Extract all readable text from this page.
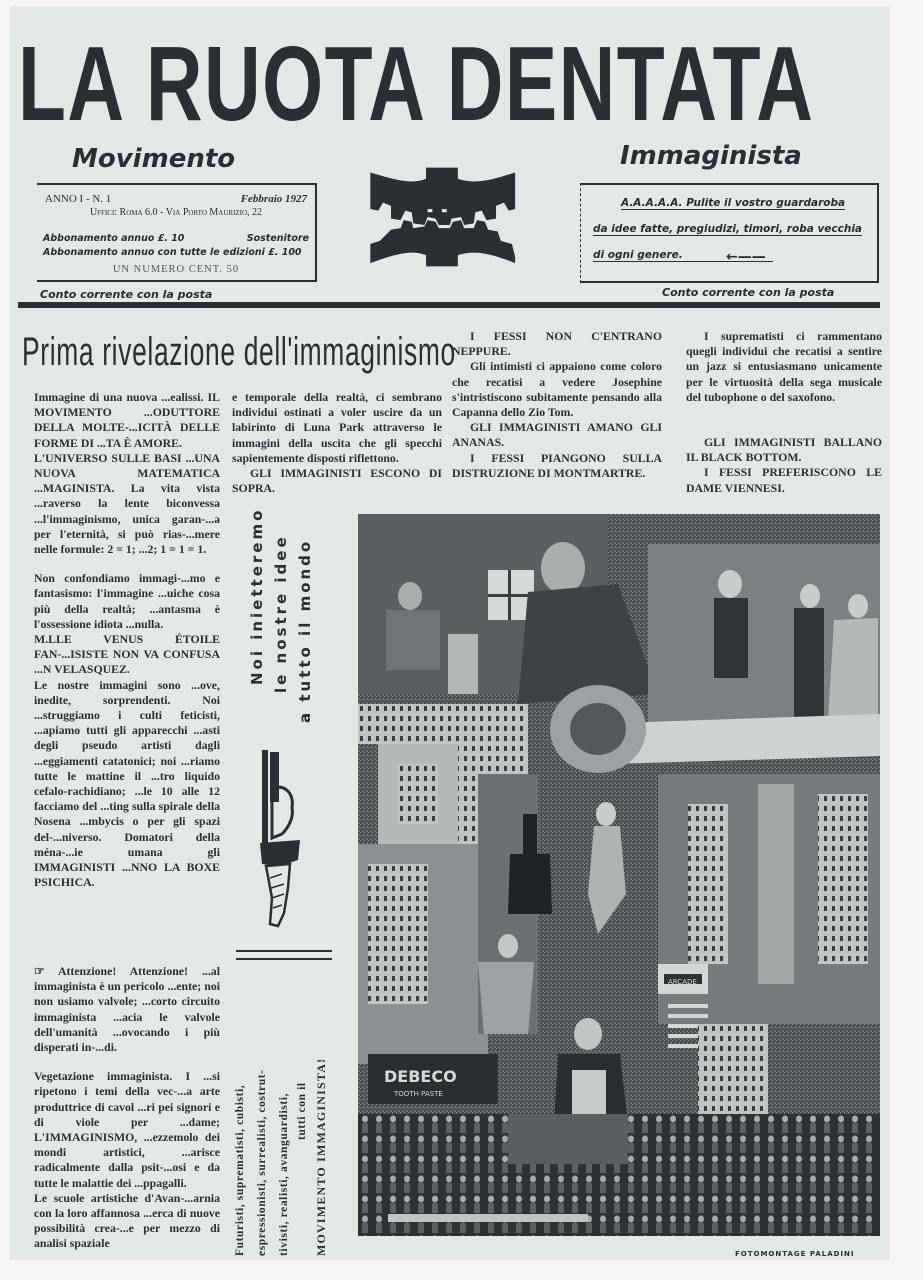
LA RUOTA DENTATA
Movimento	Immaginista
ANNO I - N. 1	Febbraio 1927
Uffici: Roma 6.0 - Via Porto Maurizio, 22
Abbonamento annuo £. 10	Sostenitore
Abbonamento annuo con tutte le edizioni £. 100
UN NUMERO CENT. 50
A.A.A.A.A. Pulite il vostro guardaroba
da idee fatte, pregiudizi, timori, roba vecchia
di ogni genere.	←——
Conto corrente con la posta	Conto corrente con la posta
Prima rivelazione dell'immaginismo

Immagine di una nuova ...ealissi. IL MOVIMENTO ...ODUTTORE DELLA MOLTE-...ICITÀ DELLE FORME DI ...TA È AMORE.

L'UNIVERSO SULLE BASI ...UNA NUOVA MATEMATICA ...MAGINISTA. La vita vista ...raverso la lente biconvessa ...l'immaginismo, unica garan-...a per l'eternità, si può rias-...mere nelle formule: 2 = 1; ...2; 1 = 1 = 1.

Non confondiamo immagi-...mo e fantasismo: l'immagine ...uiche cosa più della realtà; ...antasma è l'ossessione idiota ...nulla.

M.LLE VENUS ÉTOILE FAN-...ISISTE NON VA CONFUSA ...N VELASQUEZ.

Le nostre immagini sono ...ove, inedite, sorprendenti. Noi ...struggiamo i culti feticisti, ...apiamo tutti gli apparecchi ...asti degli pseudo artisti dagli ...eggiamenti catatonici; noi ...riamo tutte le mattine il ...tro liquido cefalo-rachidiano; ...le 10 alle 12 facciamo del ...ting sulla spirale della Nosena ...mbycis o per gli spazi del-...niverso. Domatori della ména-...ie umana gli IMMAGINISTI ...NNO LA BOXE PSICHICA.

☞ Attenzione! Attenzione! ...al immaginista è un pericolo ...ente; noi non usiamo valvole; ...corto circuito immaginista ...acia le valvole dell'umanità ...ovocando i più disperati in-...di.

Vegetazione immaginista. I ...si ripetono i temi della vec-...a arte produttrice di cavol ...ri pei signori e di viole per ...dame; L'IMMAGINISMO, ...ezzemolo dei mondi artistici, ...arisce radicalmente dalla psit-...osi e da tutte le malattie dei ...ppagalli.

Le scuole artistiche d'Avan-...arnia con la loro affannosa ...erca di nuove possibilità crea-...e per mezzo di analisi spaziale

e temporale della realtà, ci sembrano individui ostinati a voler uscire da un labirinto di Luna Park attraverso le immagini della uscita che gli specchi sapientemente disposti riflettono.

GLI IMMAGINISTI ESCONO DI SOPRA.

I FESSI NON C'ENTRANO NEPPURE.

Gli intimisti ci appaiono come coloro che recatisi a vedere Josephine s'intristiscono subitamente pensando alla Capanna dello Zio Tom.

GLI IMMAGINISTI AMANO GLI ANANAS.

I FESSI PIANGONO SULLA DISTRUZIONE DI MONTMARTRE.

I suprematisti ci rammentano quegli individui che recatisi a sentire un jazz si entusiasmano unicamente per le virtuosità della sega musicale del tubophone o del saxofono.

GLI IMMAGINISTI BALLANO IL BLACK BOTTOM.

I FESSI PREFERISCONO LE DAME VIENNESI.

Noi inietteremo le nostre idee a tutto il mondo
Futuristi, suprematisti, cubisti, espressionisti, surrealisti, costrut- tivisti, realisti, avanguardisti, tutti con il MOVIMENTO IMMAGINISTA!	DEBECO
TOOTH PASTE
ARCADE
FOTOMONTAGE PALADINI
